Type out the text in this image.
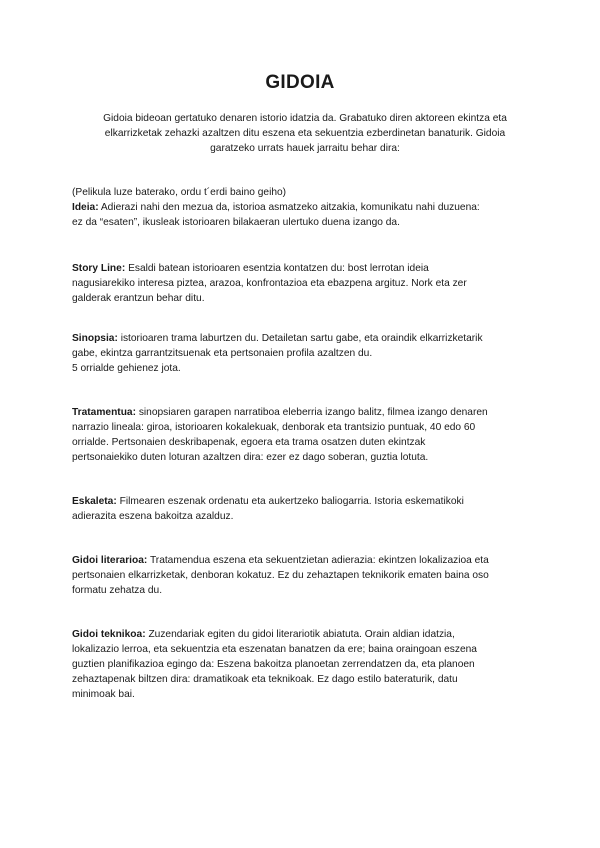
GIDOIA

Gidoia bideoan gertatuko denaren istorio idatzia da. Grabatuko diren aktoreen ekintza eta
elkarrizketak zehazki azaltzen ditu eszena eta sekuentzia ezberdinetan banaturik. Gidoia
garatzeko urrats hauek jarraitu behar dira:

(Pelikula luze baterako, ordu t´erdi baino geiho)
Ideia: Adierazi nahi den mezua da, istorioa asmatzeko aitzakia, komunikatu nahi duzuena:
ez da “esaten”, ikusleak istorioaren bilakaeran ulertuko duena izango da.

Story Line: Esaldi batean istorioaren esentzia kontatzen du: bost lerrotan ideia
nagusiarekiko interesa piztea, arazoa, konfrontazioa eta ebazpena argituz. Nork eta zer
galderak erantzun behar ditu.

Sinopsia: istorioaren trama laburtzen du. Detailetan sartu gabe, eta oraindik elkarrizketarik
gabe, ekintza garrantzitsuenak eta pertsonaien profila azaltzen du.
5 orrialde gehienez jota.

Tratamentua: sinopsiaren garapen narratiboa eleberria izango balitz, filmea izango denaren
narrazio lineala: giroa, istorioaren kokalekuak, denborak eta trantsizio puntuak, 40 edo 60
orrialde. Pertsonaien deskribapenak, egoera eta trama osatzen duten ekintzak
pertsonaiekiko duten loturan azaltzen dira: ezer ez dago soberan, guztia lotuta.

Eskaleta: Filmearen eszenak ordenatu eta aukertzeko baliogarria. Istoria eskematikoki
adierazita eszena bakoitza azalduz.

Gidoi literarioa: Tratamendua eszena eta sekuentzietan adierazia: ekintzen lokalizazioa eta
pertsonaien elkarrizketak, denboran kokatuz. Ez du zehaztapen teknikorik ematen baina oso
formatu zehatza du.

Gidoi teknikoa: Zuzendariak egiten du gidoi literariotik abiatuta. Orain aldian idatzia,
lokalizazio lerroa, eta sekuentzia eta eszenatan banatzen da ere; baina oraingoan eszena
guztien planifikazioa egingo da: Eszena bakoitza planoetan zerrendatzen da, eta planoen
zehaztapenak biltzen dira: dramatikoak eta teknikoak. Ez dago estilo bateraturik, datu
minimoak bai.
